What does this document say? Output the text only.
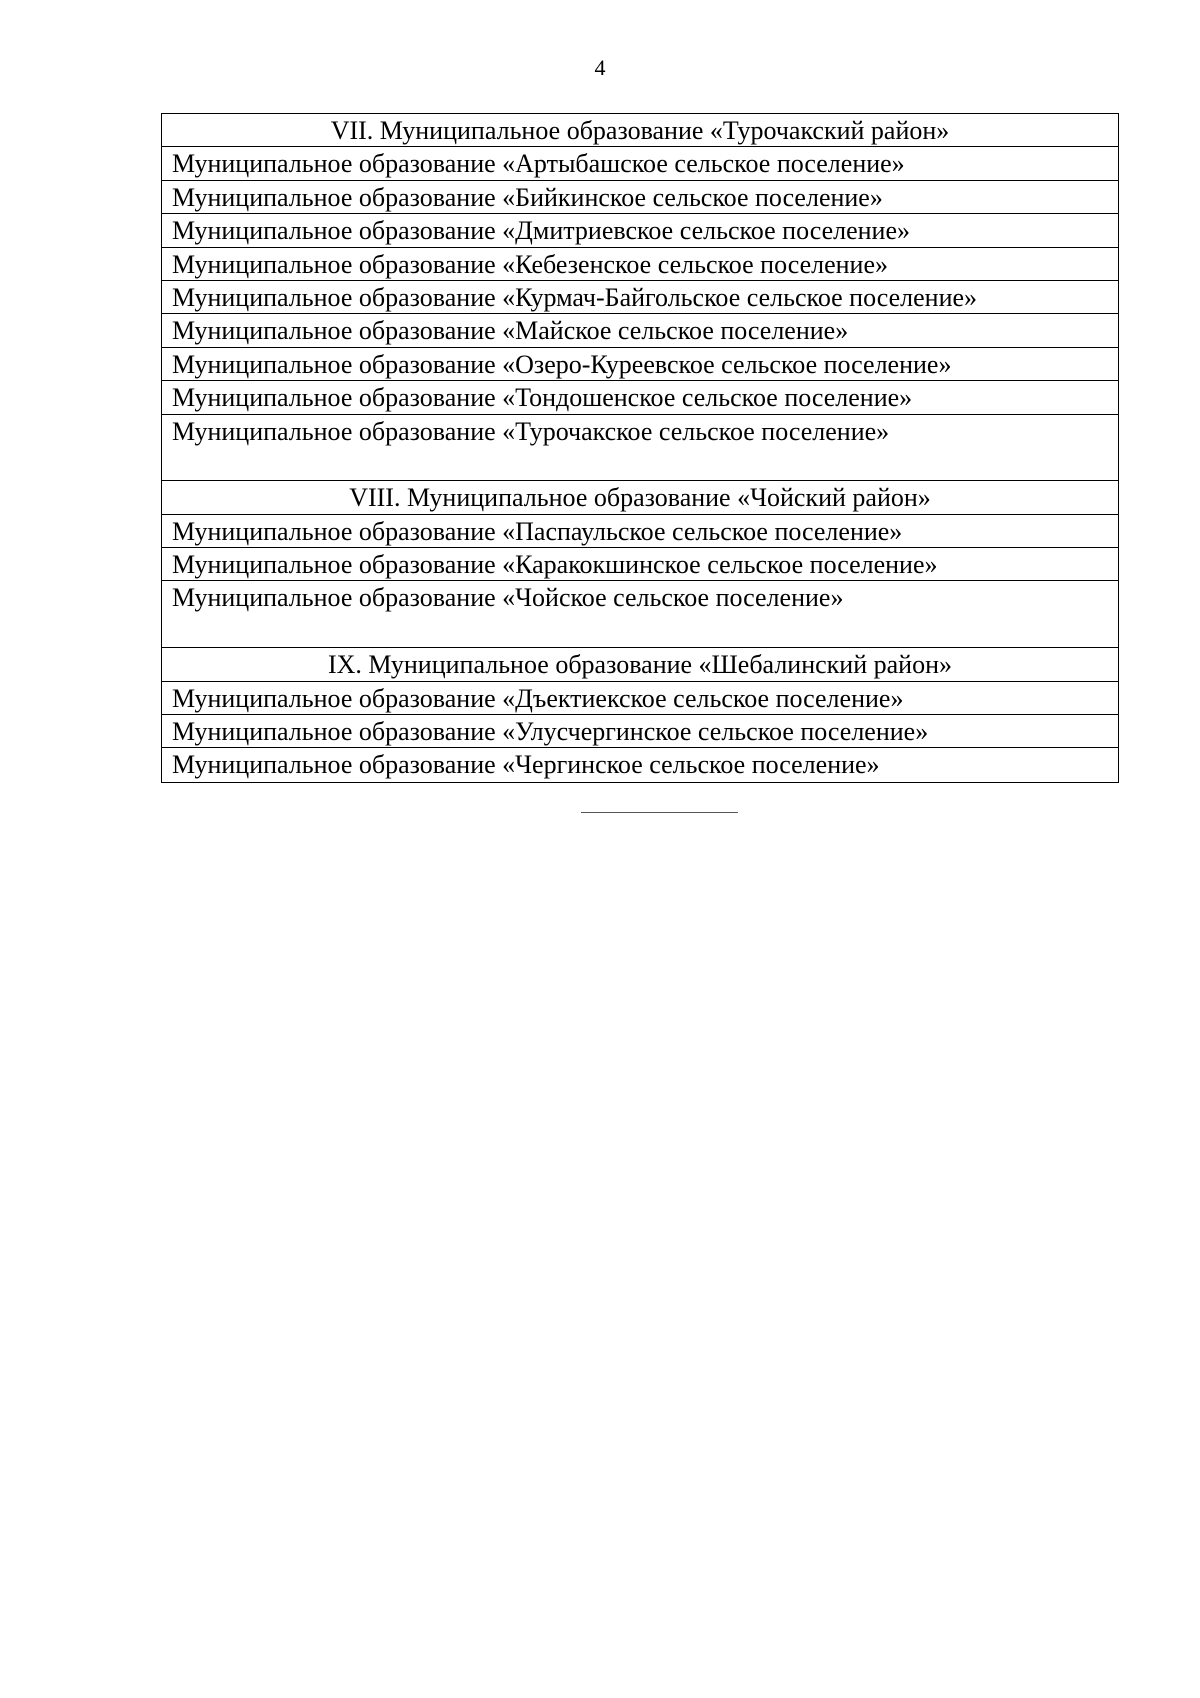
4
VII. Муниципальное образование «Турочакский район»
Муниципальное образование «Артыбашское сельское поселение»
Муниципальное образование «Бийкинское сельское поселение»
Муниципальное образование «Дмитриевское сельское поселение»
Муниципальное образование «Кебезенское сельское поселение»
Муниципальное образование «Курмач-Байгольское сельское поселение»
Муниципальное образование «Майское сельское поселение»
Муниципальное образование «Озеро-Куреевское сельское поселение»
Муниципальное образование «Тондошенское сельское поселение»
Муниципальное образование «Турочакское сельское поселение»
VIII. Муниципальное образование «Чойский район»
Муниципальное образование «Паспаульское сельское поселение»
Муниципальное образование «Каракокшинское сельское поселение»
Муниципальное образование «Чойское сельское поселение»
IX. Муниципальное образование «Шебалинский район»
Муниципальное образование «Дъектиекское сельское поселение»
Муниципальное образование «Улусчергинское сельское поселение»
Муниципальное образование «Чергинское сельское поселение»
